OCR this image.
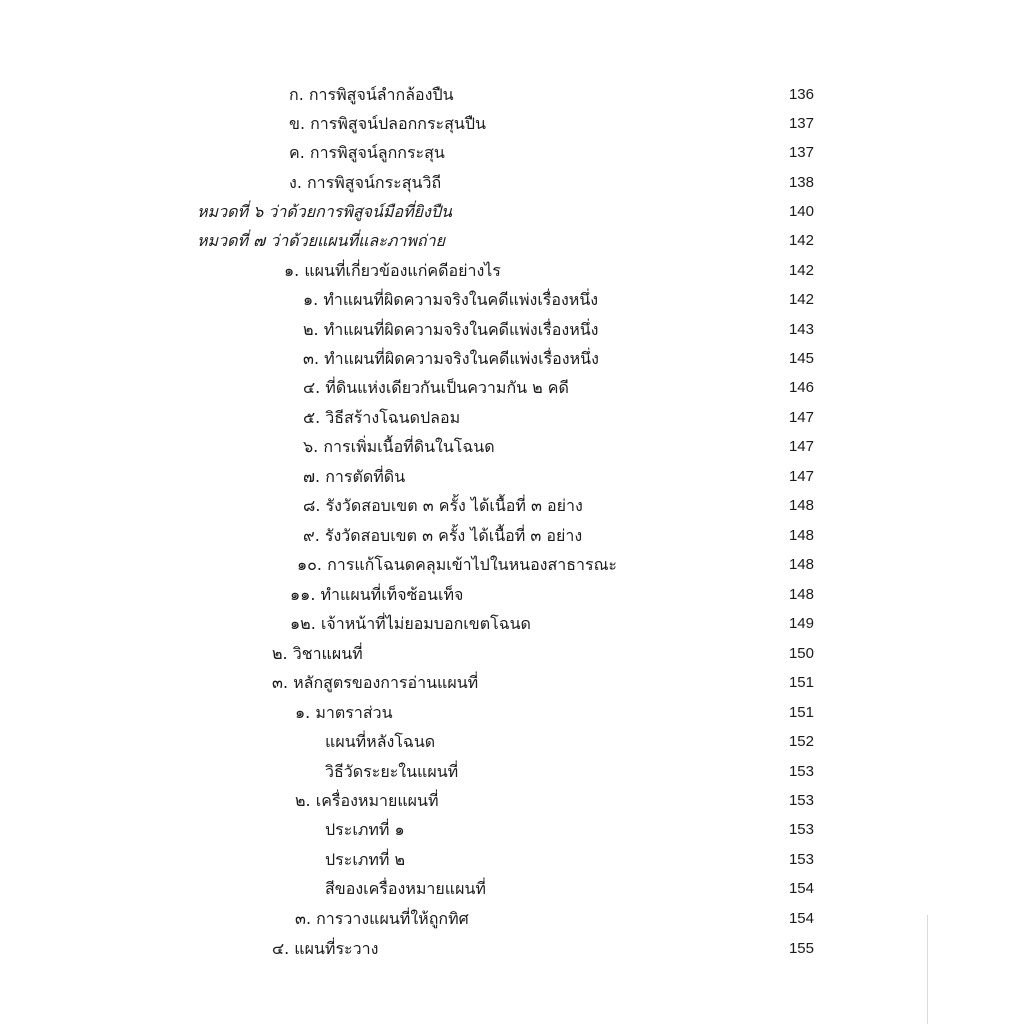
ก. การพิสูจน์ลำกล้องปืน	136
ข. การพิสูจน์ปลอกกระสุนปืน	137
ค. การพิสูจน์ลูกกระสุน	137
ง. การพิสูจน์กระสุนวิถี	138
หมวดที่ ๖ ว่าด้วยการพิสูจน์มือที่ยิงปืน	140
หมวดที่ ๗ ว่าด้วยแผนที่และภาพถ่าย	142
๑. แผนที่เกี่ยวข้องแก่คดีอย่างไร	142
๑. ทำแผนที่ผิดความจริงในคดีแพ่งเรื่องหนึ่ง	142
๒. ทำแผนที่ผิดความจริงในคดีแพ่งเรื่องหนึ่ง	143
๓. ทำแผนที่ผิดความจริงในคดีแพ่งเรื่องหนึ่ง	145
๔. ที่ดินแห่งเดียวกันเป็นความกัน ๒ คดี	146
๕. วิธีสร้างโฉนดปลอม	147
๖. การเพิ่มเนื้อที่ดินในโฉนด	147
๗. การตัดที่ดิน	147
๘. รังวัดสอบเขต ๓ ครั้ง ได้เนื้อที่ ๓ อย่าง	148
๙. รังวัดสอบเขต ๓ ครั้ง ได้เนื้อที่ ๓ อย่าง	148
๑๐. การแก้โฉนดคลุมเข้าไปในหนองสาธารณะ	148
๑๑. ทำแผนที่เท็จซ้อนเท็จ	148
๑๒. เจ้าหน้าที่ไม่ยอมบอกเขตโฉนด	149
๒. วิชาแผนที่	150
๓. หลักสูตรของการอ่านแผนที่	151
๑. มาตราส่วน	151
แผนที่หลังโฉนด	152
วิธีวัดระยะในแผนที่	153
๒. เครื่องหมายแผนที่	153
ประเภทที่ ๑	153
ประเภทที่ ๒	153
สีของเครื่องหมายแผนที่	154
๓. การวางแผนที่ให้ถูกทิศ	154
๔. แผนที่ระวาง	155
